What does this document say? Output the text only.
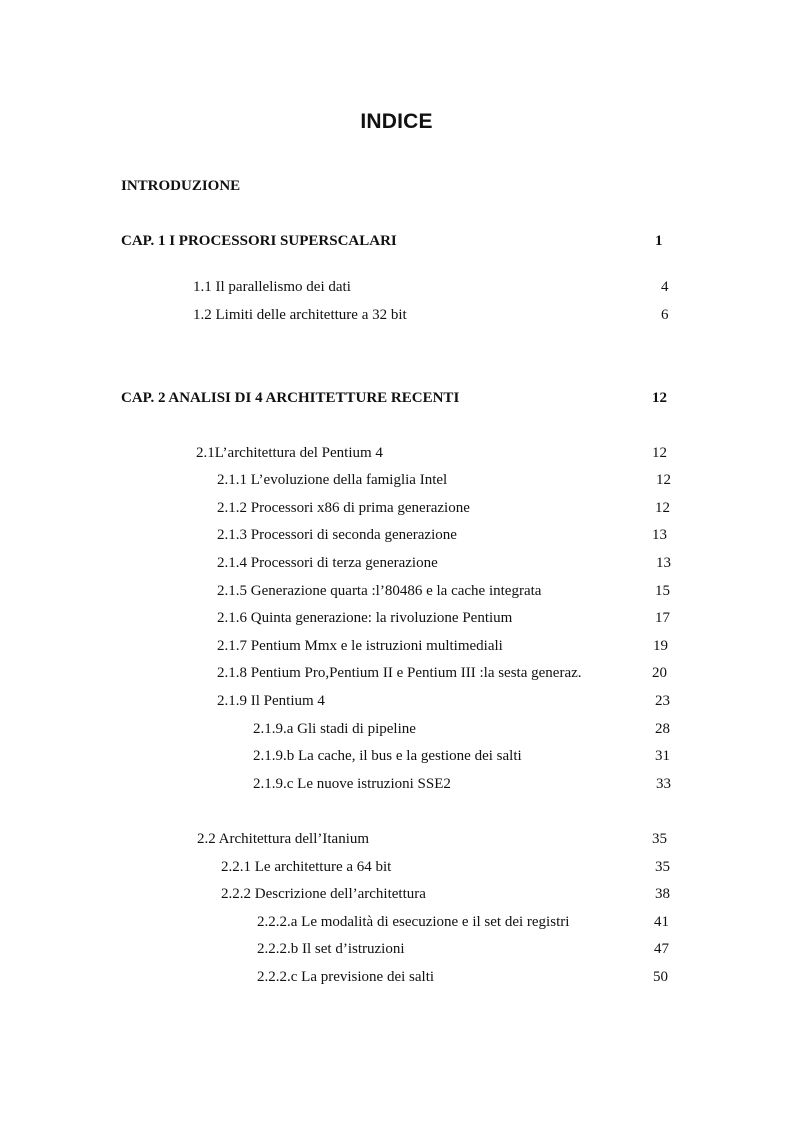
INDICE
INTRODUZIONE
CAP. 1 I PROCESSORI SUPERSCALARI	1
1.1 Il parallelismo dei dati	4
1.2 Limiti delle architetture a 32 bit	6
CAP. 2 ANALISI DI 4 ARCHITETTURE RECENTI	12
2.1L’architettura del Pentium 4	12
2.1.1 L’evoluzione della famiglia Intel	12
2.1.2 Processori x86 di prima generazione	12
2.1.3 Processori di seconda generazione	13
2.1.4 Processori di terza generazione	13
2.1.5 Generazione quarta :l’80486 e la cache integrata	15
2.1.6 Quinta generazione: la rivoluzione Pentium	17
2.1.7 Pentium Mmx e le istruzioni multimediali	19
2.1.8 Pentium Pro,Pentium II e Pentium III :la sesta generaz.	20
2.1.9 Il Pentium 4	23
2.1.9.a Gli stadi di pipeline	28
2.1.9.b La cache, il bus e la gestione dei salti	31
2.1.9.c Le nuove istruzioni SSE2	33
2.2 Architettura dell’Itanium	35
2.2.1 Le architetture a 64 bit	35
2.2.2 Descrizione dell’architettura	38
2.2.2.a Le modalità di esecuzione e il set dei registri	41
2.2.2.b Il set d’istruzioni	47
2.2.2.c La previsione dei salti	50
